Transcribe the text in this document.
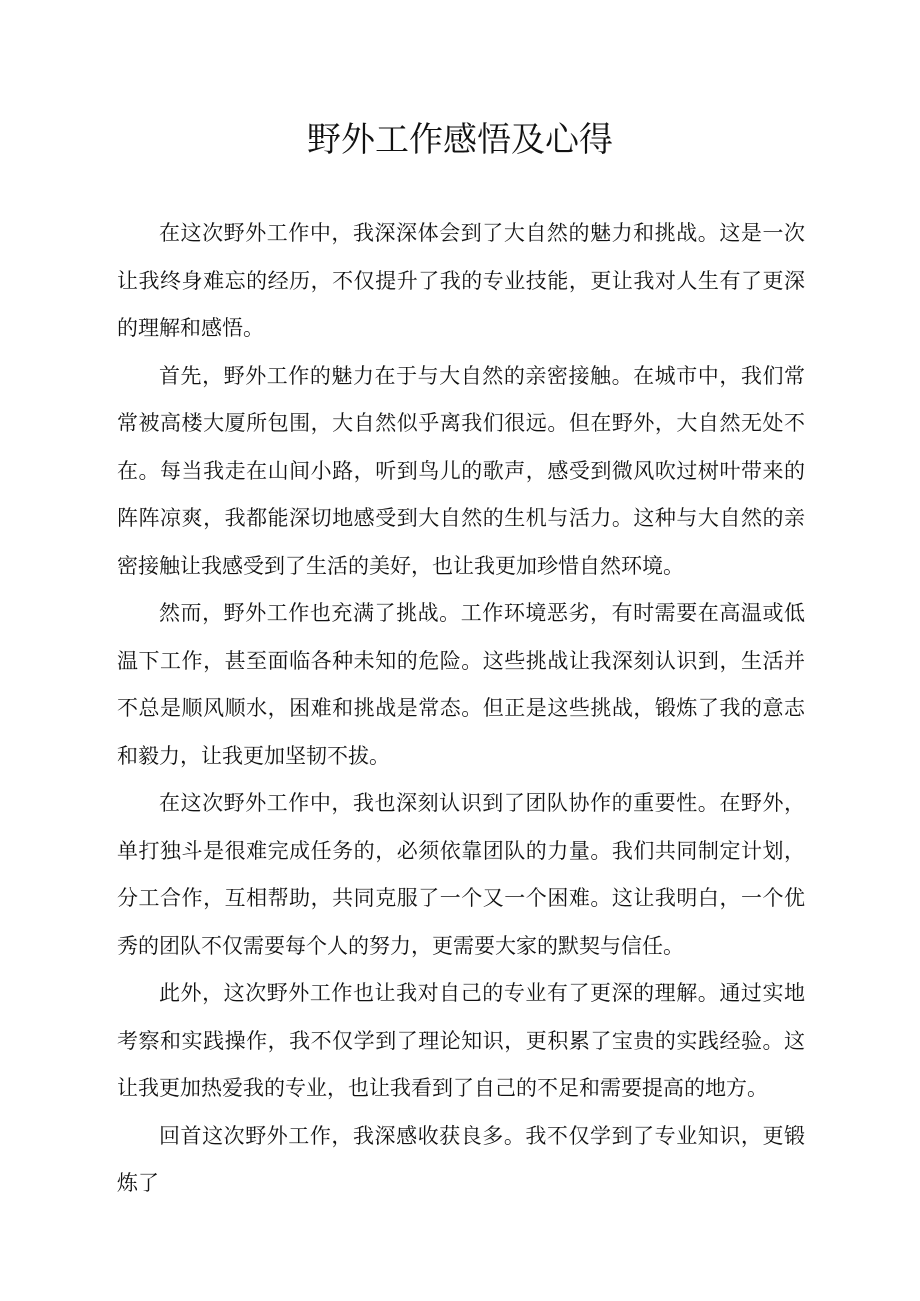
野外工作感悟及心得

在这次野外工作中，我深深体会到了大自然的魅力和挑战。这是一次让我终身难忘的经历，不仅提升了我的专业技能，更让我对人生有了更深的理解和感悟。

首先，野外工作的魅力在于与大自然的亲密接触。在城市中，我们常常被高楼大厦所包围，大自然似乎离我们很远。但在野外，大自然无处不在。每当我走在山间小路，听到鸟儿的歌声，感受到微风吹过树叶带来的阵阵凉爽，我都能深切地感受到大自然的生机与活力。这种与大自然的亲密接触让我感受到了生活的美好，也让我更加珍惜自然环境。

然而，野外工作也充满了挑战。工作环境恶劣，有时需要在高温或低温下工作，甚至面临各种未知的危险。这些挑战让我深刻认识到，生活并不总是顺风顺水，困难和挑战是常态。但正是这些挑战，锻炼了我的意志和毅力，让我更加坚韧不拔。

在这次野外工作中，我也深刻认识到了团队协作的重要性。在野外，单打独斗是很难完成任务的，必须依靠团队的力量。我们共同制定计划，分工合作，互相帮助，共同克服了一个又一个困难。这让我明白，一个优秀的团队不仅需要每个人的努力，更需要大家的默契与信任。

此外，这次野外工作也让我对自己的专业有了更深的理解。通过实地考察和实践操作，我不仅学到了理论知识，更积累了宝贵的实践经验。这让我更加热爱我的专业，也让我看到了自己的不足和需要提高的地方。

回首这次野外工作，我深感收获良多。我不仅学到了专业知识，更锻炼了
